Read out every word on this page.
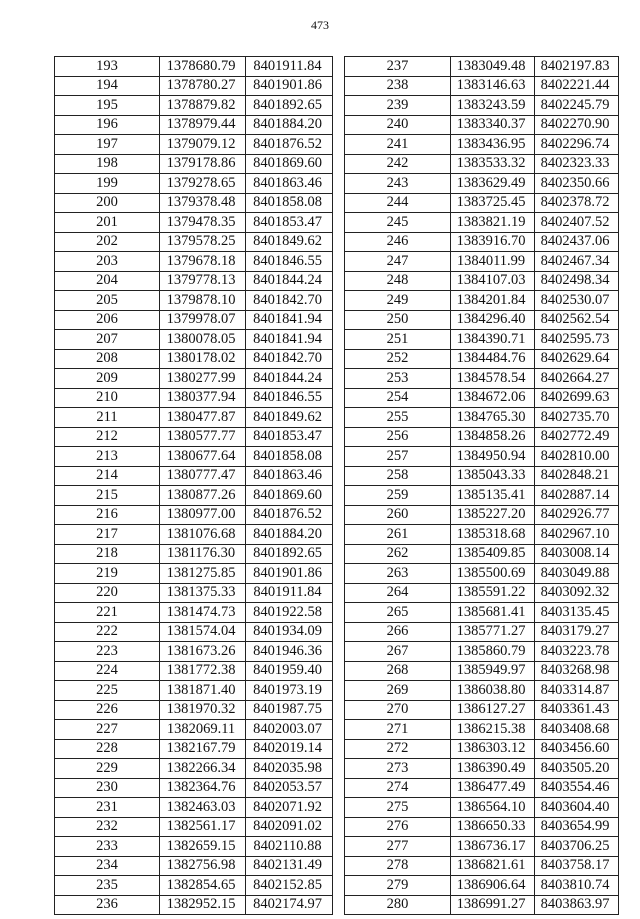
473
193	1378680.79	8401911.84
194	1378780.27	8401901.86
195	1378879.82	8401892.65
196	1378979.44	8401884.20
197	1379079.12	8401876.52
198	1379178.86	8401869.60
199	1379278.65	8401863.46
200	1379378.48	8401858.08
201	1379478.35	8401853.47
202	1379578.25	8401849.62
203	1379678.18	8401846.55
204	1379778.13	8401844.24
205	1379878.10	8401842.70
206	1379978.07	8401841.94
207	1380078.05	8401841.94
208	1380178.02	8401842.70
209	1380277.99	8401844.24
210	1380377.94	8401846.55
211	1380477.87	8401849.62
212	1380577.77	8401853.47
213	1380677.64	8401858.08
214	1380777.47	8401863.46
215	1380877.26	8401869.60
216	1380977.00	8401876.52
217	1381076.68	8401884.20
218	1381176.30	8401892.65
219	1381275.85	8401901.86
220	1381375.33	8401911.84
221	1381474.73	8401922.58
222	1381574.04	8401934.09
223	1381673.26	8401946.36
224	1381772.38	8401959.40
225	1381871.40	8401973.19
226	1381970.32	8401987.75
227	1382069.11	8402003.07
228	1382167.79	8402019.14
229	1382266.34	8402035.98
230	1382364.76	8402053.57
231	1382463.03	8402071.92
232	1382561.17	8402091.02
233	1382659.15	8402110.88
234	1382756.98	8402131.49
235	1382854.65	8402152.85
236	1382952.15	8402174.97
237	1383049.48	8402197.83
238	1383146.63	8402221.44
239	1383243.59	8402245.79
240	1383340.37	8402270.90
241	1383436.95	8402296.74
242	1383533.32	8402323.33
243	1383629.49	8402350.66
244	1383725.45	8402378.72
245	1383821.19	8402407.52
246	1383916.70	8402437.06
247	1384011.99	8402467.34
248	1384107.03	8402498.34
249	1384201.84	8402530.07
250	1384296.40	8402562.54
251	1384390.71	8402595.73
252	1384484.76	8402629.64
253	1384578.54	8402664.27
254	1384672.06	8402699.63
255	1384765.30	8402735.70
256	1384858.26	8402772.49
257	1384950.94	8402810.00
258	1385043.33	8402848.21
259	1385135.41	8402887.14
260	1385227.20	8402926.77
261	1385318.68	8402967.10
262	1385409.85	8403008.14
263	1385500.69	8403049.88
264	1385591.22	8403092.32
265	1385681.41	8403135.45
266	1385771.27	8403179.27
267	1385860.79	8403223.78
268	1385949.97	8403268.98
269	1386038.80	8403314.87
270	1386127.27	8403361.43
271	1386215.38	8403408.68
272	1386303.12	8403456.60
273	1386390.49	8403505.20
274	1386477.49	8403554.46
275	1386564.10	8403604.40
276	1386650.33	8403654.99
277	1386736.17	8403706.25
278	1386821.61	8403758.17
279	1386906.64	8403810.74
280	1386991.27	8403863.97
